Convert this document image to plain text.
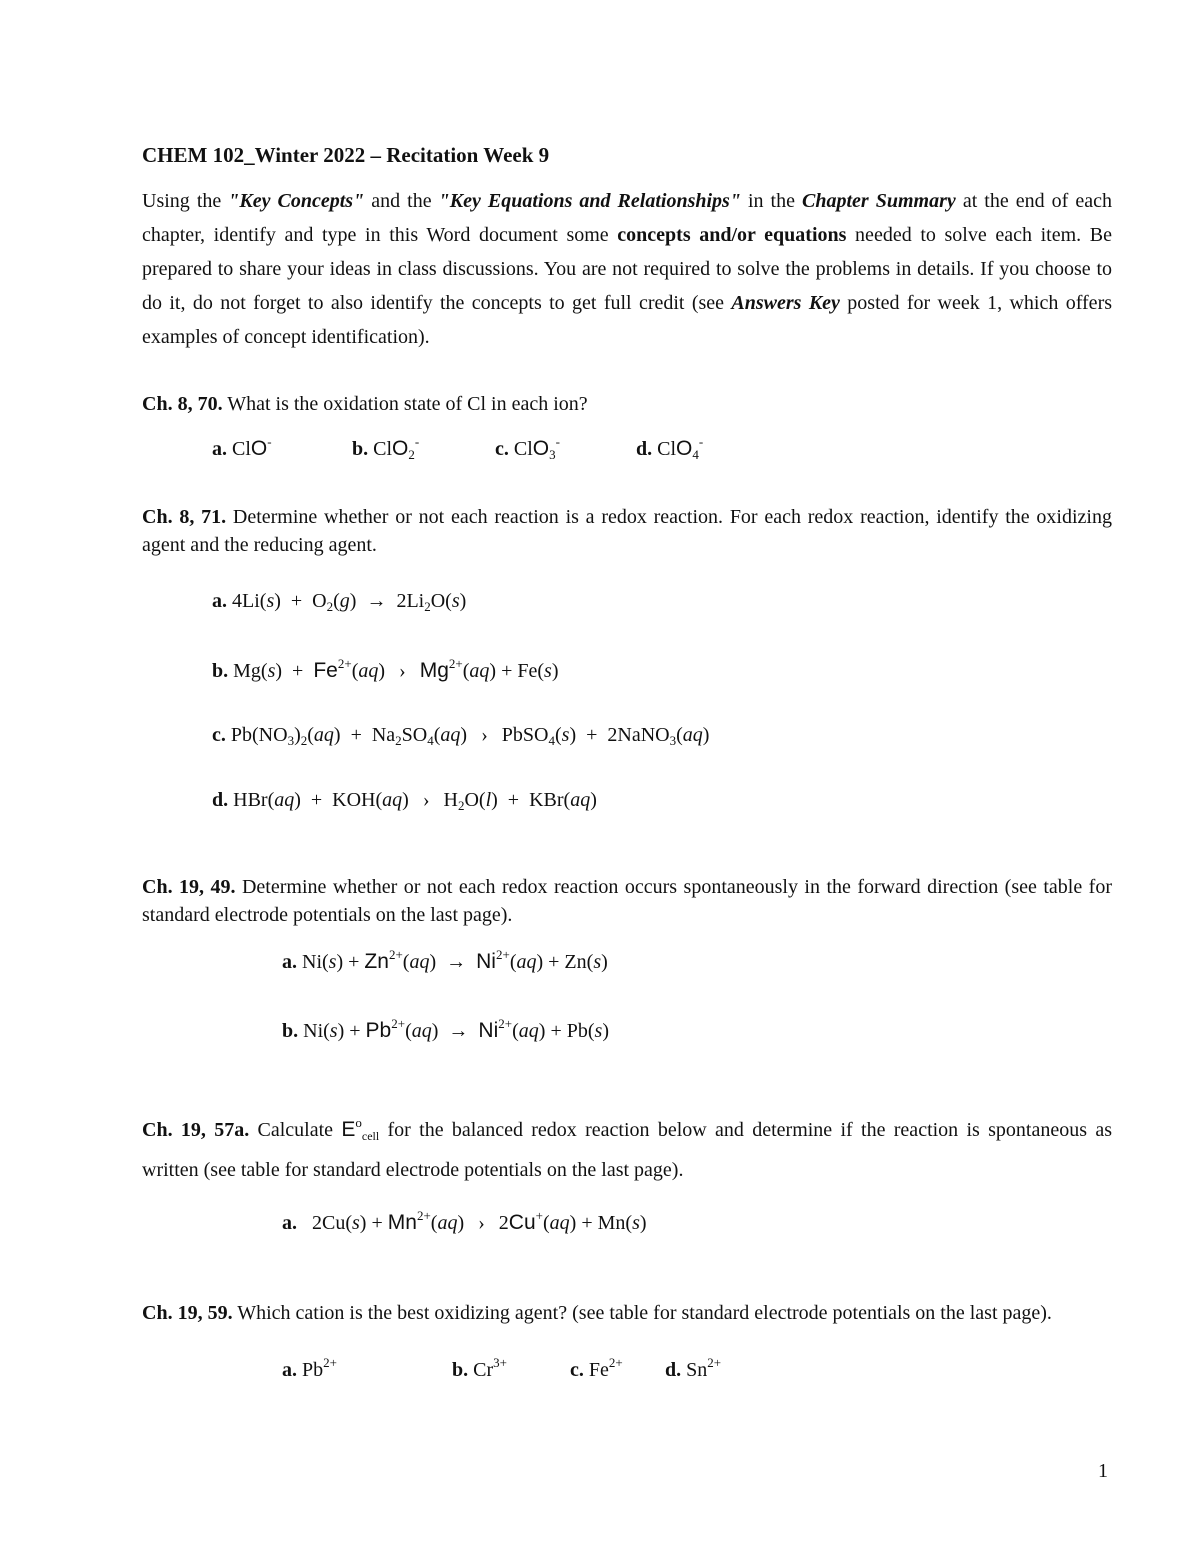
CHEM 102_Winter 2022 – Recitation Week 9
Using the "Key Concepts" and the "Key Equations and Relationships" in the Chapter Summary at the end of each chapter, identify and type in this Word document some concepts and/or equations needed to solve each item. Be prepared to share your ideas in class discussions. You are not required to solve the problems in details. If you choose to do it, do not forget to also identify the concepts to get full credit (see Answers Key posted for week 1, which offers examples of concept identification).
Ch. 8, 70. What is the oxidation state of Cl in each ion?
a. ClO-	b. ClO$_2$-	c. ClO$_3$-	d. ClO$_4$-
Ch. 8, 71. Determine whether or not each reaction is a redox reaction. For each redox reaction, identify the oxidizing agent and the reducing agent.
a. $4Li(s) + O_2(g) \to 2Li_2O(s)$
b. $Mg(s) + Fe^{2+}(aq)$ › $Mg^{2+}(aq) + Fe(s)$
c. $Pb(NO_3)_2(aq) + Na_2SO_4(aq)$ › PbSO$_4$(s)  +  2NaNO$_3$(aq)
d. HBr(aq)  +  KOH(aq) › $H_2O(l) + KBr(aq)$
Ch. 19, 49. Determine whether or not each redox reaction occurs spontaneously in the forward direction (see table for standard electrode potentials on the last page).
a. $Ni(s) + Zn^{2+}(aq) \to Ni^{2+}(aq) + Zn(s)$
b. $Ni(s) + Pb^{2+}(aq) \to Ni^{2+}(aq) + Pb(s)$
Ch. 19, 57a. Calculate $E^o_{cell}$ for the balanced redox reaction below and determine if the reaction is spontaneous as written (see table for standard electrode potentials on the last page).
a.   $2Cu(s) + Mn^{2+}(aq)$ › 2Cu+(aq) + Mn(s)
Ch. 19, 59. Which cation is the best oxidizing agent? (see table for standard electrode potentials on the last page).
a. $Pb^{2+}$	b. $Cr^{3+}$	c. $Fe^{2+}$ d. $Sn^{2+}$
1
